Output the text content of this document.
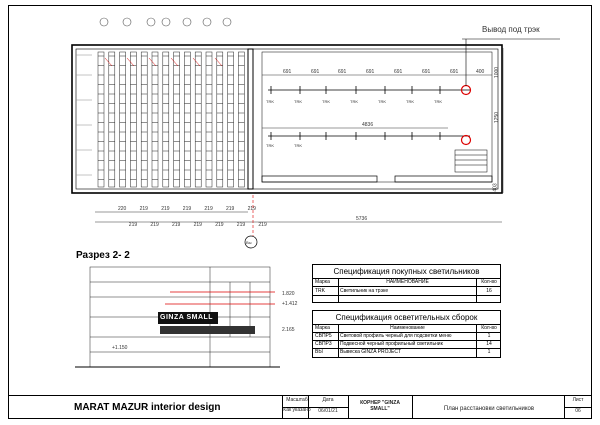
Вывод под трэк
691	691	691	691	691	691	691	400
4836
5736
220
219
219
219
219
219
219
219
219
219
219
219
219
219
1000
1250
403
Вы
TRK	TRK	TRK	TRK	TRK	TRK	TRK
TRK	TRK
Разрез 2- 2
GINZA SMALL
1.820
+1.412
2.165
0.966
+1.150
Спецификация покупных светильников
Марка	НАИМЕНОВАНИЕ	Кол-во
TRK	Светильник на трэке	16
Спецификация осветительных сборок
Марка	Наименование	Кол-во
СВПР5	Световой профиль черный для подсветки меню	1
СВПР3	Подвесной черный профильный светильник	14
ВЫ	Вывеска GINZA PROJECT	1
MARAT MAZUR interior design
Масштаб
Как указано
Дата
06/01/21
КОРНЕР "GINZA SMALL"	План расстановки светильников
Лист
06
